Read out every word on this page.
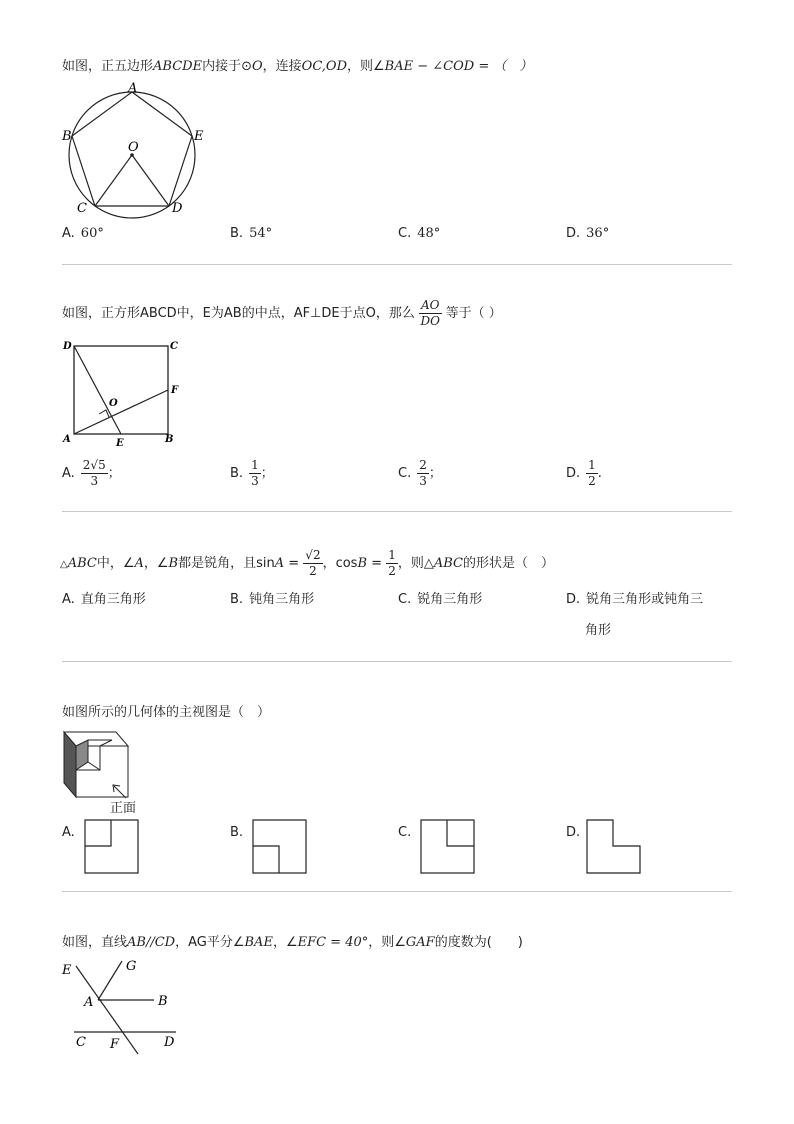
如图，正五边形ABCDE内接于⊙O，连接OC,OD，则∠BAE − ∠COD = （　）
A
B	E
O
C	D
A. 60°	B. 54°	C. 48°	D. 36°
如图，正方形ABCD中，E为AB的中点，AF⊥DE于点O，那么 $\frac{AO}{DO}$ 等于（ ）
D	C
F
O
A	E	B
A. $\frac{2√5}{3}$ ；	B. $\frac{1}{3}$ ；	C. $\frac{2}{3}$ ；	D. $\frac{1}{2}$ .
△ABC中，∠A，∠B都是锐角，且$\sin A = \frac{√2}{2}$ ，$\cos B = \frac{1}{2}$ ，则△ABC的形状是（　）
A. 直角三角形	B. 钝角三角形	C. 锐角三角形	D. 锐角三角形或钝角三
角形
如图所示的几何体的主视图是（　）
正面
A.	B.	C.	D.
如图，直线AB//CD，AG平分∠BAE，∠EFC = 40°，则∠GAF的度数为(　　)
E	G
A	B
C F	D
